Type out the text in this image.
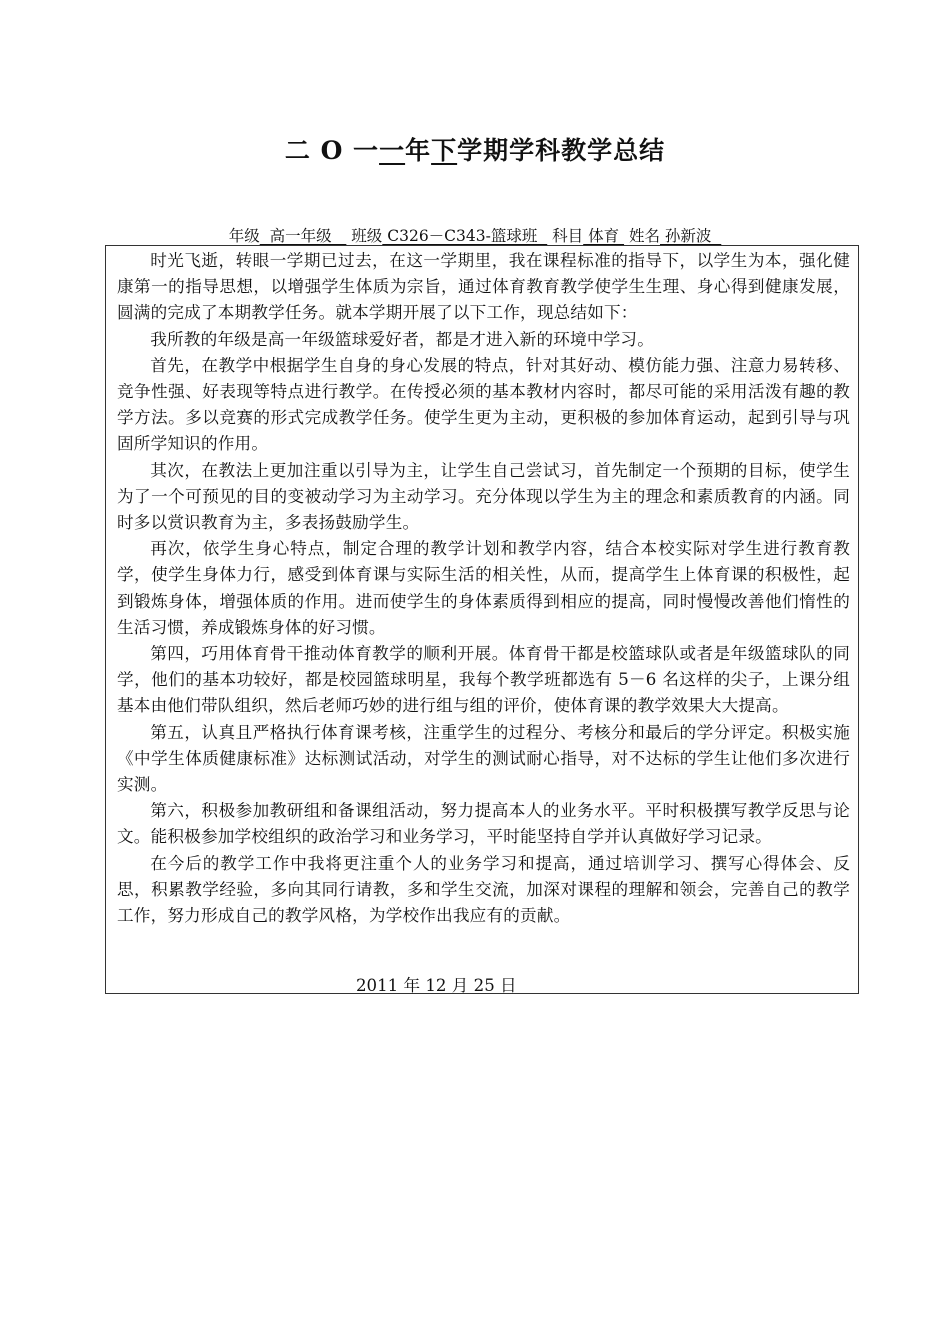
二 O 一一年下学期学科教学总结
年级  高一年级    班级 C326－C343-篮球班   科目 体育  姓名 孙新波

时光飞逝，转眼一学期已过去，在这一学期里，我在课程标准的指导下，以学生为本，强化健康第一的指导思想，以增强学生体质为宗旨，通过体育教育教学使学生生理、身心得到健康发展，圆满的完成了本期教学任务。就本学期开展了以下工作，现总结如下：

我所教的年级是高一年级篮球爱好者，都是才进入新的环境中学习。

首先，在教学中根据学生自身的身心发展的特点，针对其好动、模仿能力强、注意力易转移、竞争性强、好表现等特点进行教学。在传授必须的基本教材内容时，都尽可能的采用活泼有趣的教学方法。多以竞赛的形式完成教学任务。使学生更为主动，更积极的参加体育运动，起到引导与巩固所学知识的作用。

其次，在教法上更加注重以引导为主，让学生自己尝试习，首先制定一个预期的目标，使学生为了一个可预见的目的变被动学习为主动学习。充分体现以学生为主的理念和素质教育的内涵。同时多以赏识教育为主，多表扬鼓励学生。

再次，依学生身心特点，制定合理的教学计划和教学内容，结合本校实际对学生进行教育教学，使学生身体力行，感受到体育课与实际生活的相关性，从而，提高学生上体育课的积极性，起到锻炼身体，增强体质的作用。进而使学生的身体素质得到相应的提高，同时慢慢改善他们惰性的生活习惯，养成锻炼身体的好习惯。

第四，巧用体育骨干推动体育教学的顺利开展。体育骨干都是校篮球队或者是年级篮球队的同学，他们的基本功较好，都是校园篮球明星，我每个教学班都选有 5－6 名这样的尖子，上课分组基本由他们带队组织，然后老师巧妙的进行组与组的评价，使体育课的教学效果大大提高。

第五，认真且严格执行体育课考核，注重学生的过程分、考核分和最后的学分评定。积极实施《中学生体质健康标准》达标测试活动，对学生的测试耐心指导，对不达标的学生让他们多次进行实测。

第六，积极参加教研组和备课组活动，努力提高本人的业务水平。平时积极撰写教学反思与论文。能积极参加学校组织的政治学习和业务学习，平时能坚持自学并认真做好学习记录。

在今后的教学工作中我将更注重个人的业务学习和提高，通过培训学习、撰写心得体会、反思，积累教学经验，多向其同行请教，多和学生交流，加深对课程的理解和领会，完善自己的教学工作，努力形成自己的教学风格，为学校作出我应有的贡献。

2011 年 12 月 25 日
